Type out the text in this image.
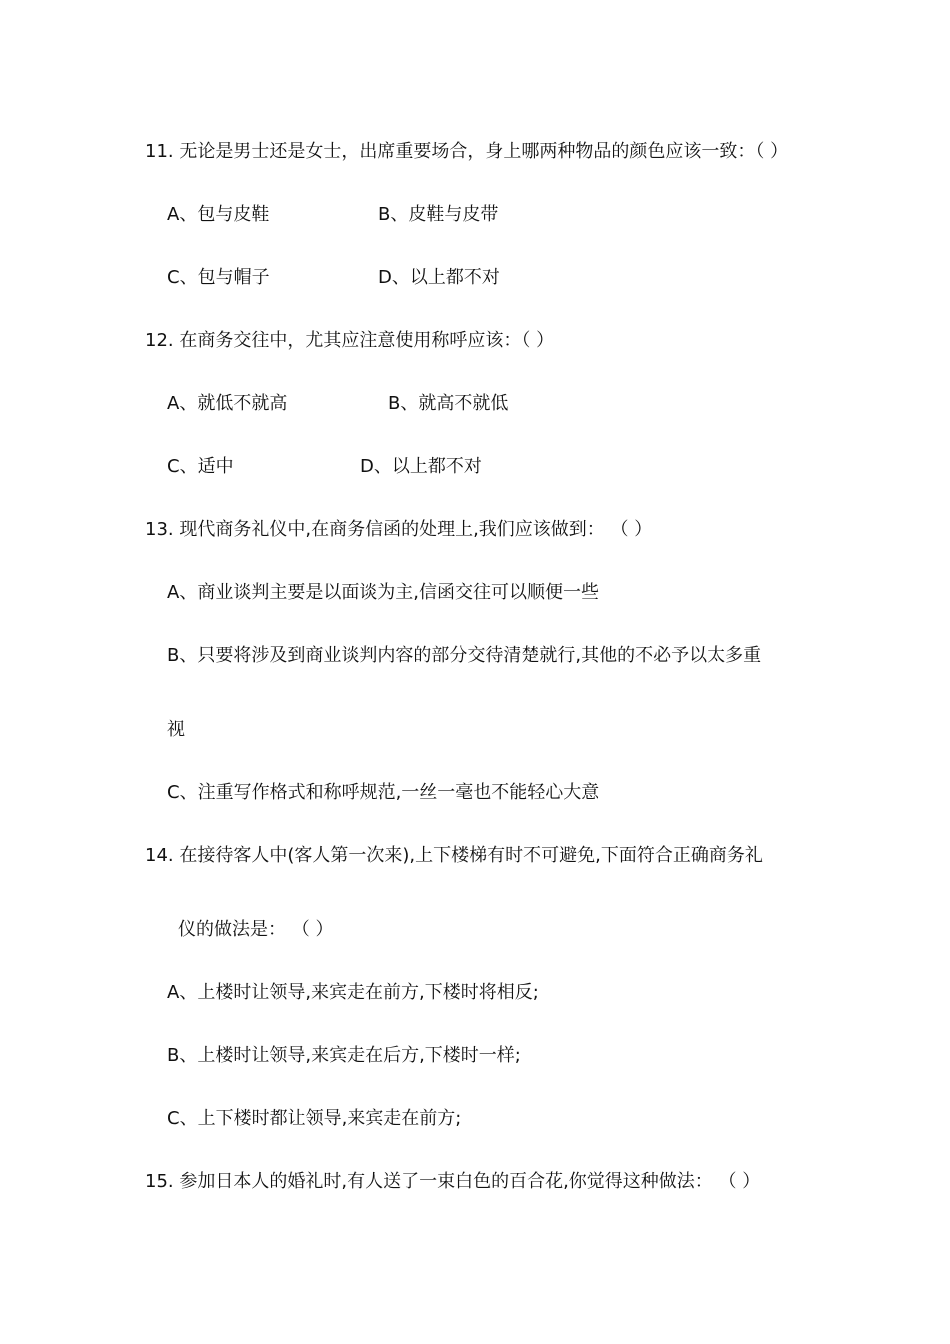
11. 无论是男士还是女士，出席重要场合，身上哪两种物品的颜色应该一致：（ ）
A、包与皮鞋	B、皮鞋与皮带
C、包与帽子	D、以上都不对
12. 在商务交往中，尤其应注意使用称呼应该：（ ）
A、就低不就高	B、就高不就低
C、适中	D、以上都不对
13. 现代商务礼仪中,在商务信函的处理上,我们应该做到： （ ）
A、商业谈判主要是以面谈为主,信函交往可以顺便一些
B、只要将涉及到商业谈判内容的部分交待清楚就行,其他的不必予以太多重
视
C、注重写作格式和称呼规范,一丝一毫也不能轻心大意
14. 在接待客人中(客人第一次来),上下楼梯有时不可避免,下面符合正确商务礼
仪的做法是： （ ）
A、上楼时让领导,来宾走在前方,下楼时将相反;
B、上楼时让领导,来宾走在后方,下楼时一样;
C、上下楼时都让领导,来宾走在前方;
15. 参加日本人的婚礼时,有人送了一束白色的百合花,你觉得这种做法： （ ）
